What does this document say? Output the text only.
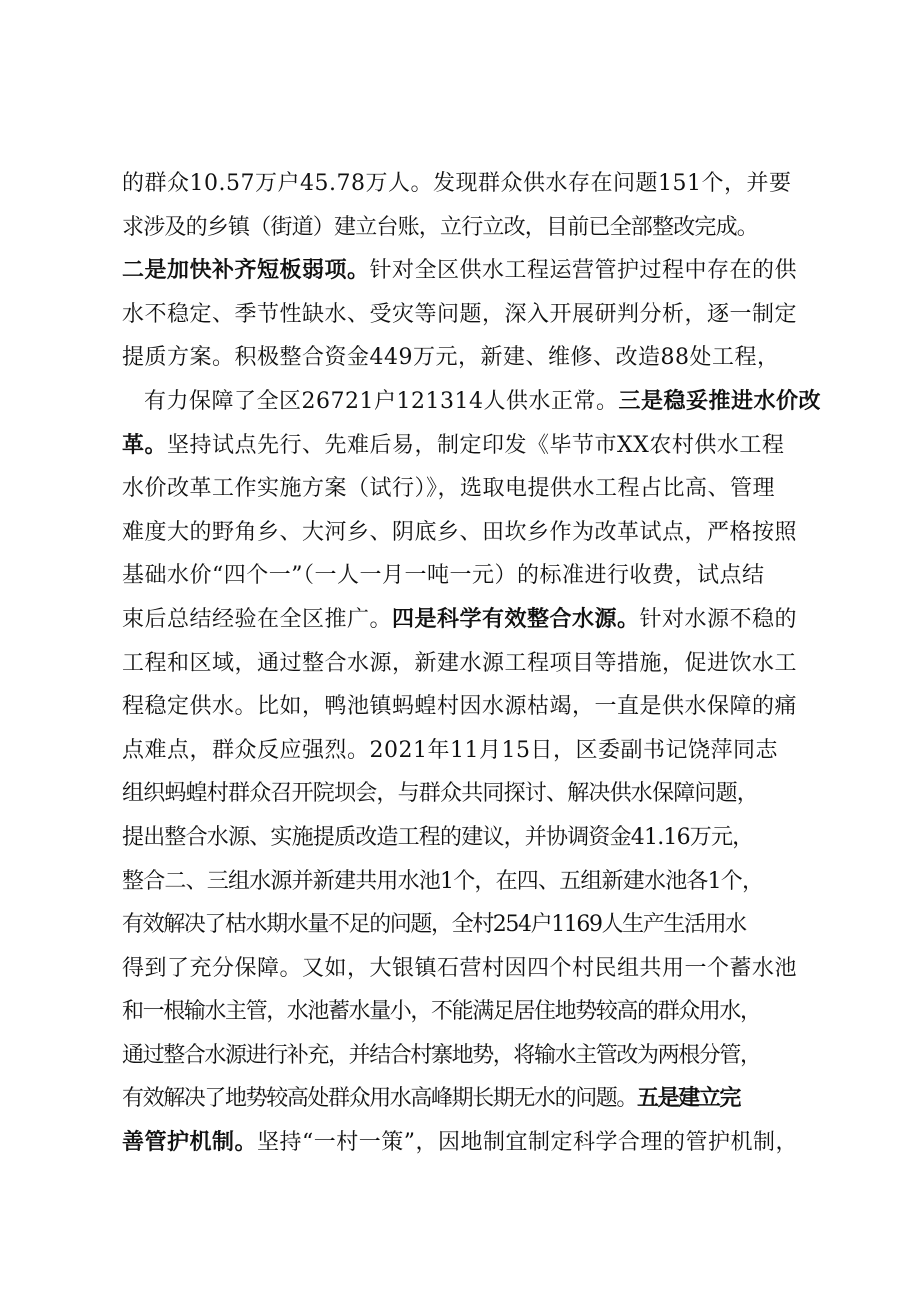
的群众10.57万户45.78万人。发现群众供水存在问题151个，并要
求涉及的乡镇（街道）建立台账，立行立改，目前已全部整改完成。
二是加快补齐短板弱项。针对全区供水工程运营管护过程中存在的供
水不稳定、季节性缺水、受灾等问题，深入开展研判分析，逐一制定
提质方案。积极整合资金449万元，新建、维修、改造88处工程，
有力保障了全区26721户121314人供水正常。三是稳妥推进水价改
革。坚持试点先行、先难后易，制定印发《毕节市XX农村供水工程
水价改革工作实施方案（试行）》，选取电提供水工程占比高、管理
难度大的野角乡、大河乡、阴底乡、田坎乡作为改革试点，严格按照
基础水价“四个一”（一人一月一吨一元）的标准进行收费，试点结
束后总结经验在全区推广。四是科学有效整合水源。针对水源不稳的
工程和区域，通过整合水源，新建水源工程项目等措施，促进饮水工
程稳定供水。比如，鸭池镇蚂蝗村因水源枯竭，一直是供水保障的痛
点难点，群众反应强烈。2021年11月15日，区委副书记饶萍同志
组织蚂蝗村群众召开院坝会，与群众共同探讨、解决供水保障问题，
提出整合水源、实施提质改造工程的建议，并协调资金41.16万元，
整合二、三组水源并新建共用水池1个，在四、五组新建水池各1个，
有效解决了枯水期水量不足的问题，全村254户1169人生产生活用水
得到了充分保障。又如，大银镇石营村因四个村民组共用一个蓄水池
和一根输水主管，水池蓄水量小，不能满足居住地势较高的群众用水，
通过整合水源进行补充，并结合村寨地势，将输水主管改为两根分管，
有效解决了地势较高处群众用水高峰期长期无水的问题。五是建立完
善管护机制。坚持“一村一策”，因地制宜制定科学合理的管护机制，
